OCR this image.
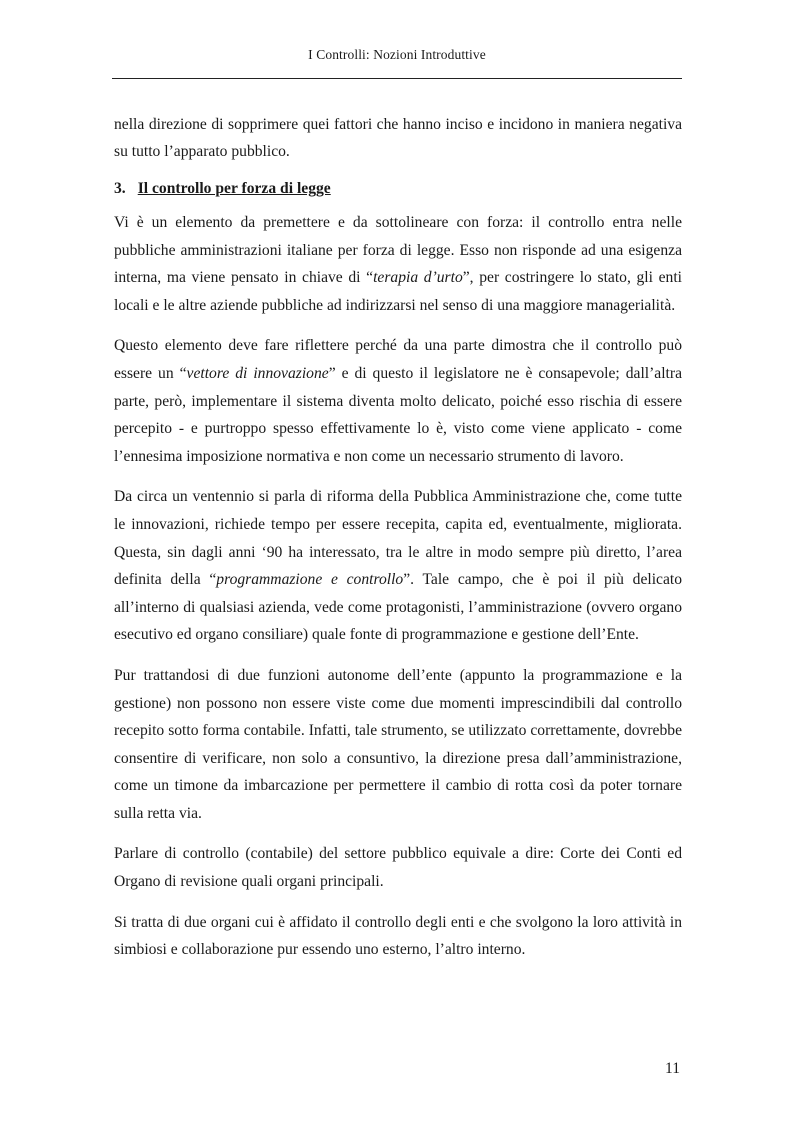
I Controlli: Nozioni Introduttive

nella direzione di sopprimere quei fattori che hanno inciso e incidono in maniera negativa su tutto l’apparato pubblico.

3. Il controllo per forza di legge

Vi è un elemento da premettere e da sottolineare con forza: il controllo entra nelle pubbliche amministrazioni italiane per forza di legge. Esso non risponde ad una esigenza interna, ma viene pensato in chiave di “terapia d’urto”, per costringere lo stato, gli enti locali e le altre aziende pubbliche ad indirizzarsi nel senso di una maggiore managerialità.

Questo elemento deve fare riflettere perché da una parte dimostra che il controllo può essere un “vettore di innovazione” e di questo il legislatore ne è consapevole; dall’altra parte, però, implementare il sistema diventa molto delicato, poiché esso rischia di essere percepito - e purtroppo spesso effettivamente lo è, visto come viene applicato - come l’ennesima imposizione normativa e non come un necessario strumento di lavoro.

Da circa un ventennio si parla di riforma della Pubblica Amministrazione che, come tutte le innovazioni, richiede tempo per essere recepita, capita ed, eventualmente, migliorata. Questa, sin dagli anni ‘90 ha interessato, tra le altre in modo sempre più diretto, l’area definita della “programmazione e controllo”. Tale campo, che è poi il più delicato all’interno di qualsiasi azienda, vede come protagonisti, l’amministrazione (ovvero organo esecutivo ed organo consiliare) quale fonte di programmazione e gestione dell’Ente.

Pur trattandosi di due funzioni autonome dell’ente (appunto la programmazione e la gestione) non possono non essere viste come due momenti imprescindibili dal controllo recepito sotto forma contabile. Infatti, tale strumento, se utilizzato correttamente, dovrebbe consentire di verificare, non solo a consuntivo, la direzione presa dall’amministrazione, come un timone da imbarcazione per permettere il cambio di rotta così da poter tornare sulla retta via.

Parlare di controllo (contabile) del settore pubblico equivale a dire: Corte dei Conti ed Organo di revisione quali organi principali.

Si tratta di due organi cui è affidato il controllo degli enti e che svolgono la loro attività in simbiosi e collaborazione pur essendo uno esterno, l’altro interno.

11
